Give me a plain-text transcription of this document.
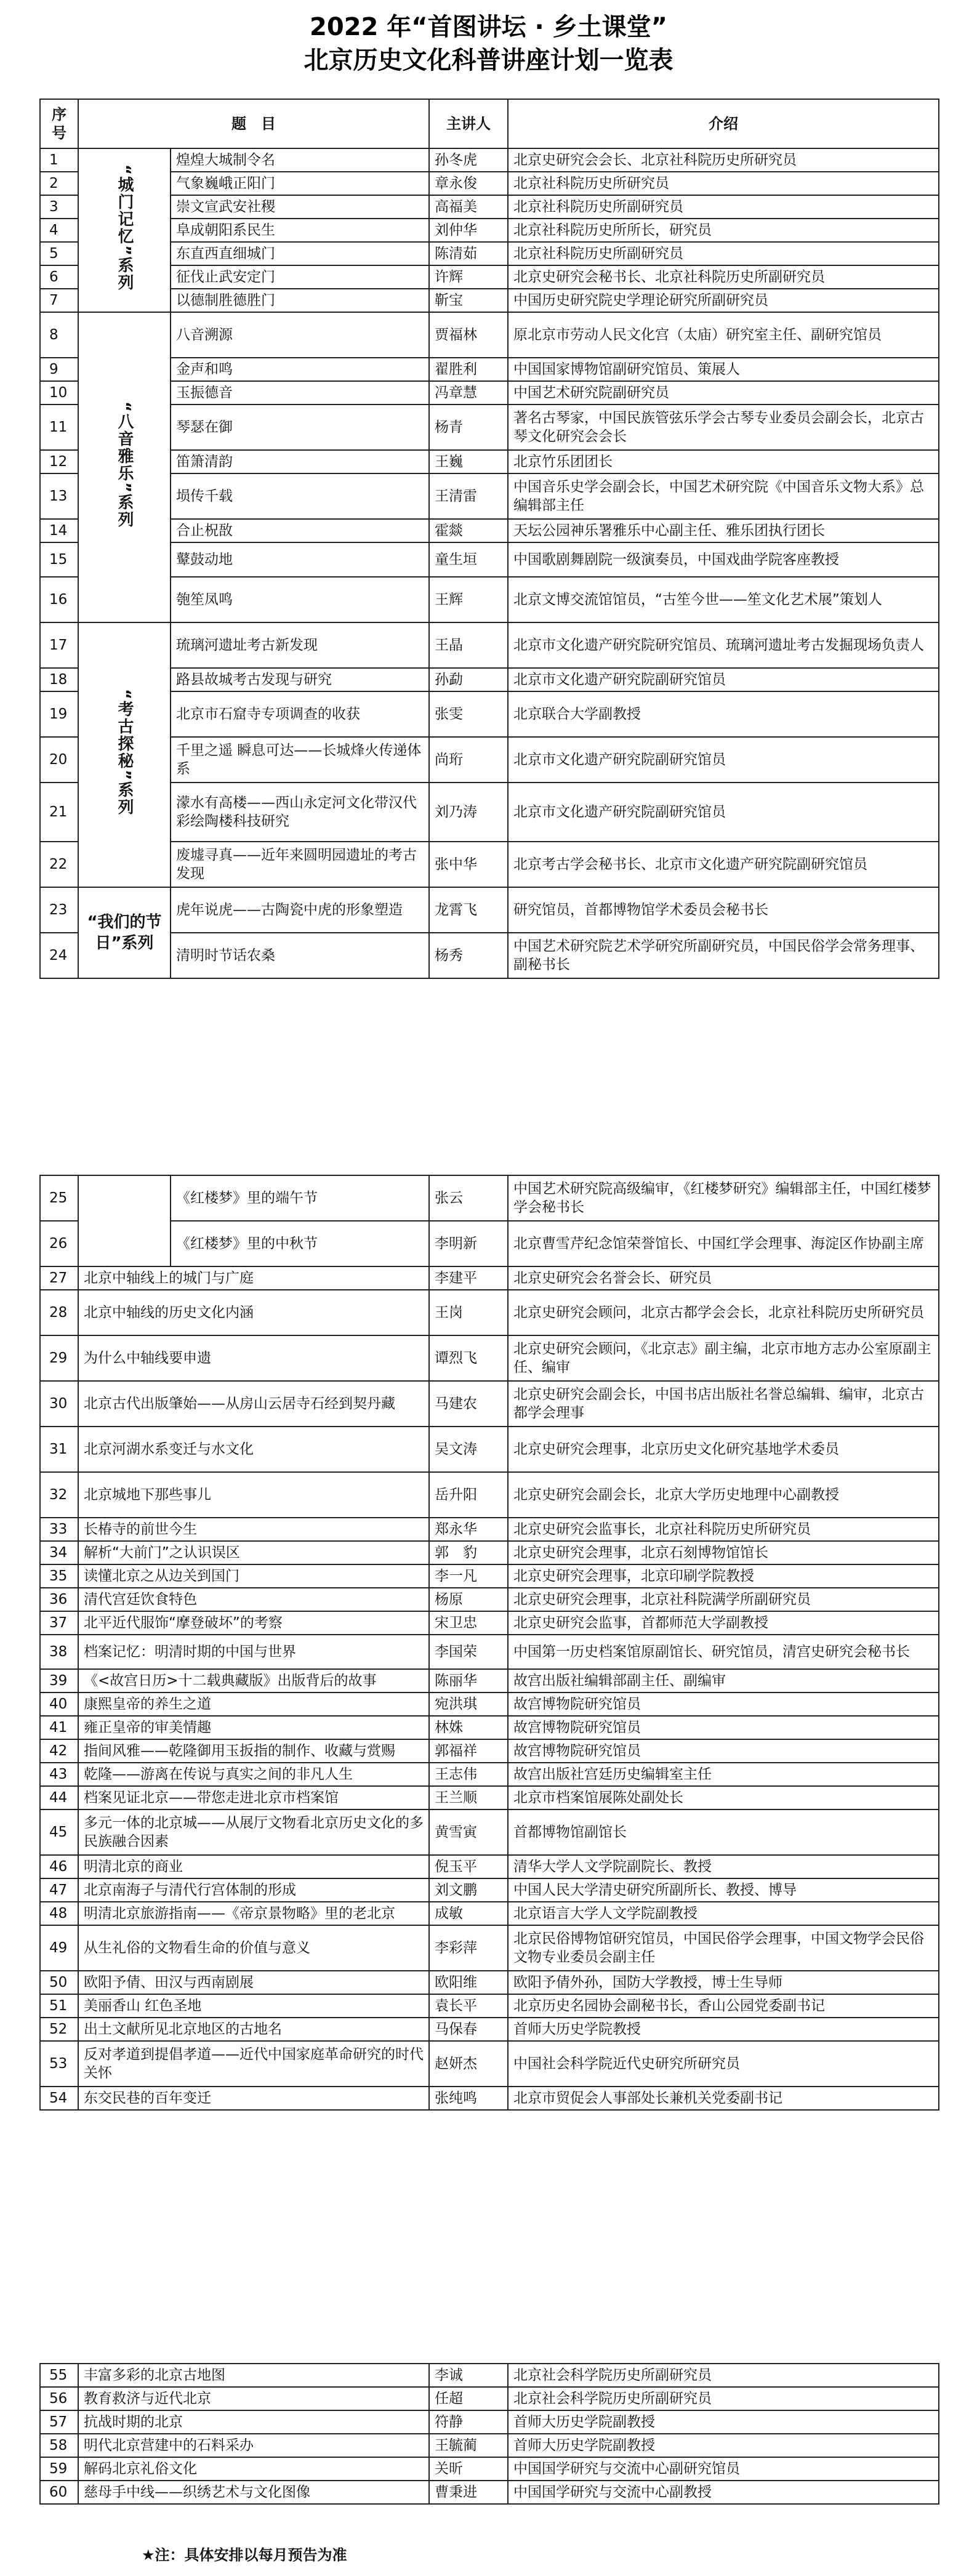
2022 年“首图讲坛 · 乡土课堂”
北京历史文化科普讲座计划一览表
序号	题　目		主讲人	介绍
1	“城门记忆”系列	煌煌大城制令名	孙冬虎	北京史研究会会长、北京社科院历史所研究员
2		气象巍峨正阳门	章永俊	北京社科院历史所研究员
3		崇文宣武安社稷	高福美	北京社科院历史所副研究员
4		阜成朝阳系民生	刘仲华	北京社科院历史所所长，研究员
5		东直西直细城门	陈清茹	北京社科院历史所副研究员
6		征伐止武安定门	许辉	北京史研究会秘书长、北京社科院历史所副研究员
7		以德制胜德胜门	靳宝	中国历史研究院史学理论研究所副研究员
8	“八音雅乐”系列	八音溯源	贾福林	原北京市劳动人民文化宫（太庙）研究室主任、副研究馆员
9		金声和鸣	翟胜利	中国国家博物馆副研究馆员、策展人
10		玉振德音	冯章慧	中国艺术研究院副研究员
11		琴瑟在御	杨青	著名古琴家，中国民族管弦乐学会古琴专业委员会副会长，北京古琴文化研究会会长
12		笛箫清韵	王巍	北京竹乐团团长
13		埙传千载	王清雷	中国音乐史学会副会长，中国艺术研究院《中国音乐文物大系》总编辑部主任
14		合止柷敔	霍燚	天坛公园神乐署雅乐中心副主任、雅乐团执行团长
15		鼙鼓动地	童生垣	中国歌剧舞剧院一级演奏员，中国戏曲学院客座教授
16		匏笙凤鸣	王辉	北京文博交流馆馆员，“古笙今世——笙文化艺术展”策划人
17	“考古探秘”系列	琉璃河遗址考古新发现	王晶	北京市文化遗产研究院研究馆员、琉璃河遗址考古发掘现场负责人
18		路县故城考古发现与研究	孙勐	北京市文化遗产研究院副研究馆员
19		北京市石窟寺专项调查的收获	张雯	北京联合大学副教授
20		千里之遥 瞬息可达——长城烽火传递体系	尚珩	北京市文化遗产研究院副研究馆员
21		濛水有高楼——西山永定河文化带汉代彩绘陶楼科技研究	刘乃涛	北京市文化遗产研究院副研究馆员
22		废墟寻真——近年来圆明园遗址的考古发现	张中华	北京考古学会秘书长、北京市文化遗产研究院副研究馆员
23	“我们的节日”系列	虎年说虎——古陶瓷中虎的形象塑造	龙霄飞	研究馆员，首都博物馆学术委员会秘书长
24		清明时节话农桑	杨秀	中国艺术研究院艺术学研究所副研究员，中国民俗学会常务理事、副秘书长
25		《红楼梦》里的端午节	张云	中国艺术研究院高级编审，《红楼梦研究》编辑部主任，中国红楼梦学会秘书长
26		《红楼梦》里的中秋节	李明新	北京曹雪芹纪念馆荣誉馆长、中国红学会理事、海淀区作协副主席
27	北京中轴线上的城门与广庭		李建平	北京史研究会名誉会长、研究员
28	北京中轴线的历史文化内涵		王岗	北京史研究会顾问，北京古都学会会长，北京社科院历史所研究员
29	为什么中轴线要申遗		谭烈飞	北京史研究会顾问，《北京志》副主编，北京市地方志办公室原副主任、编审
30	北京古代出版肇始——从房山云居寺石经到契丹藏		马建农	北京史研究会副会长，中国书店出版社名誉总编辑、编审，北京古都学会理事
31	北京河湖水系变迁与水文化		吴文涛	北京史研究会理事，北京历史文化研究基地学术委员
32	北京城地下那些事儿		岳升阳	北京史研究会副会长，北京大学历史地理中心副教授
33	长椿寺的前世今生		郑永华	北京史研究会监事长，北京社科院历史所研究员
34	解析“大前门”之认识误区		郭　豹	北京史研究会理事，北京石刻博物馆馆长
35	读懂北京之从边关到国门		李一凡	北京史研究会理事，北京印刷学院教授
36	清代宫廷饮食特色		杨原	北京史研究会理事，北京社科院满学所副研究员
37	北平近代服饰“摩登破坏”的考察		宋卫忠	北京史研究会监事，首都师范大学副教授
38	档案记忆：明清时期的中国与世界		李国荣	中国第一历史档案馆原副馆长、研究馆员，清宫史研究会秘书长
39	《<故宫日历>十二载典藏版》出版背后的故事		陈丽华	故宫出版社编辑部副主任、副编审
40	康熙皇帝的养生之道		宛洪琪	故宫博物院研究馆员
41	雍正皇帝的审美情趣		林姝	故宫博物院研究馆员
42	指间风雅——乾隆御用玉扳指的制作、收藏与赏赐		郭福祥	故宫博物院研究馆员
43	乾隆——游离在传说与真实之间的非凡人生		王志伟	故宫出版社宫廷历史编辑室主任
44	档案见证北京——带您走进北京市档案馆		王兰顺	北京市档案馆展陈处副处长
45	多元一体的北京城——从展厅文物看北京历史文化的多民族融合因素		黄雪寅	首都博物馆副馆长
46	明清北京的商业		倪玉平	清华大学人文学院副院长、教授
47	北京南海子与清代行宫体制的形成		刘文鹏	中国人民大学清史研究所副所长、教授、博导
48	明清北京旅游指南——《帝京景物略》里的老北京		成敏	北京语言大学人文学院副教授
49	从生礼俗的文物看生命的价值与意义		李彩萍	北京民俗博物馆研究馆员，中国民俗学会理事，中国文物学会民俗文物专业委员会副主任
50	欧阳予倩、田汉与西南剧展		欧阳维	欧阳予倩外孙，国防大学教授，博士生导师
51	美丽香山 红色圣地		袁长平	北京历史名园协会副秘书长，香山公园党委副书记
52	出土文献所见北京地区的古地名		马保春	首师大历史学院教授
53	反对孝道到提倡孝道——近代中国家庭革命研究的时代关怀		赵妍杰	中国社会科学院近代史研究所研究员
54	东交民巷的百年变迁		张纯鸣	北京市贸促会人事部处长兼机关党委副书记
55	丰富多彩的北京古地图	李诚	北京社会科学院历史所副研究员
56	教育救济与近代北京	任超	北京社会科学院历史所副研究员
57	抗战时期的北京	符静	首师大历史学院副教授
58	明代北京营建中的石料采办	王毓蔺	首师大历史学院副教授
59	解码北京礼俗文化	关昕	中国国学研究与交流中心副研究馆员
60	慈母手中线——织绣艺术与文化图像	曹秉进	中国国学研究与交流中心副教授
★注：具体安排以每月预告为准
